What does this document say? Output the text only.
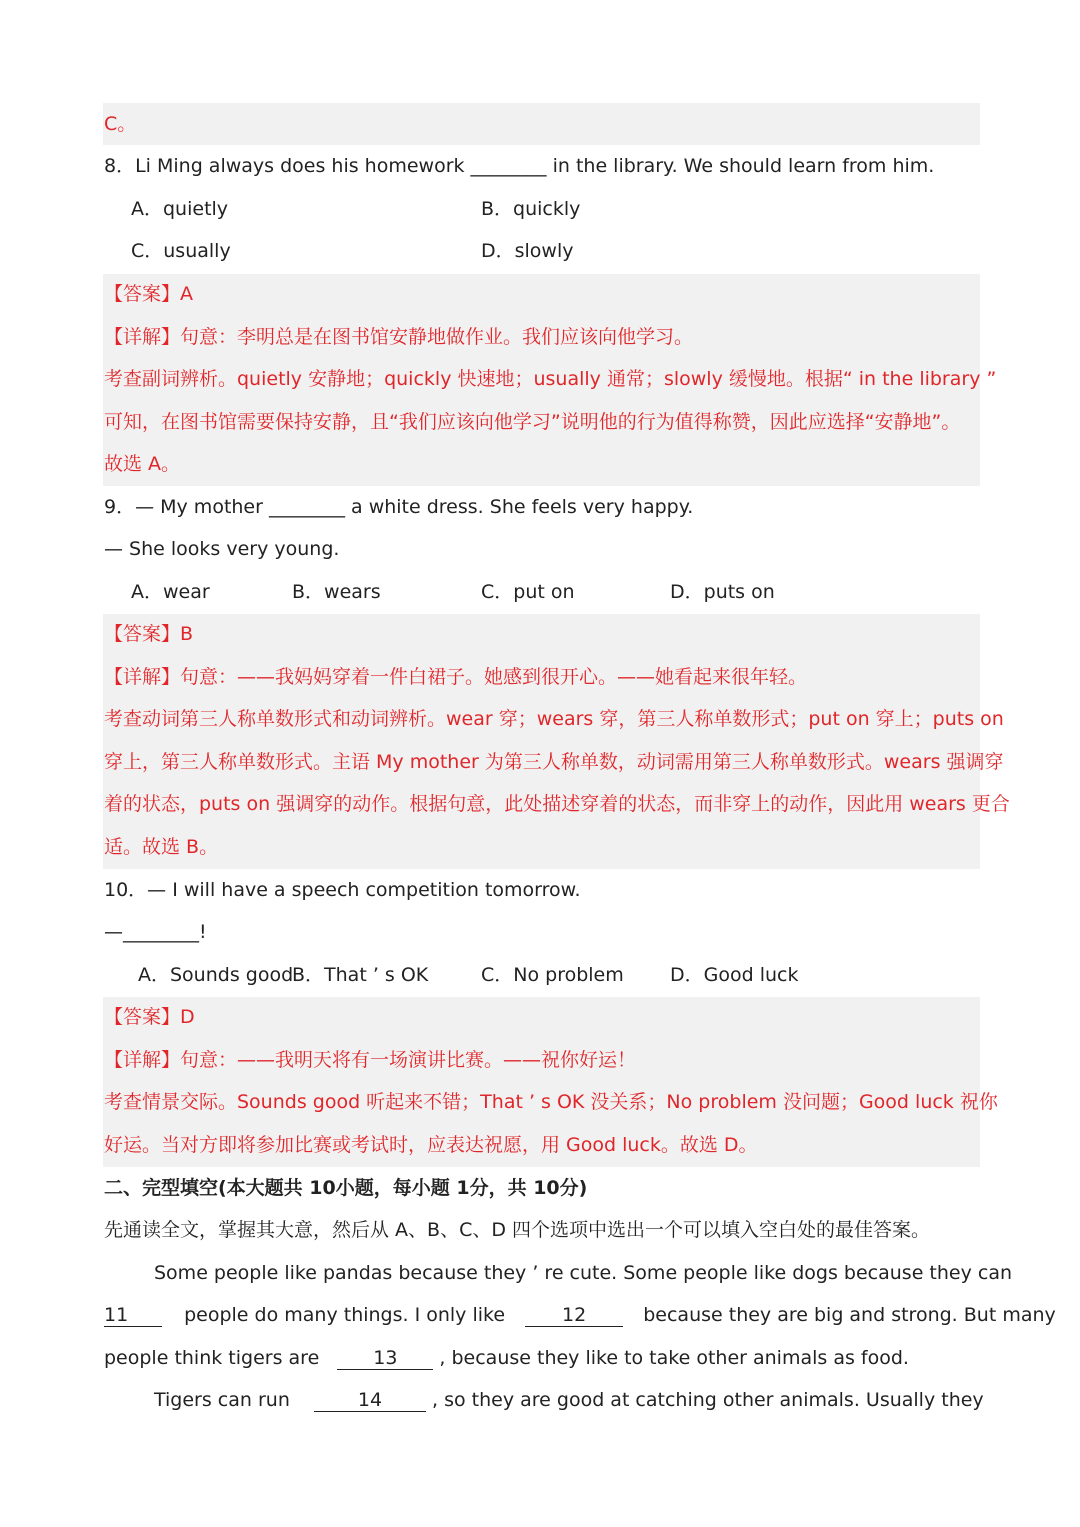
C。
8．Li Ming always does his homework ________ in the library. We should learn from him.
A．quietly	B．quickly
C．usually	D．slowly
【答案】A
【详解】句意：李明总是在图书馆安静地做作业。我们应该向他学习。
考查副词辨析。quietly 安静地；quickly 快速地；usually 通常；slowly 缓慢地。根据“ in the library ”
可知，在图书馆需要保持安静，且“我们应该向他学习”说明他的行为值得称赞，因此应选择“安静地”。
故选 A。
9．— My mother ________ a white dress. She feels very happy.
— She looks very young.
A．wear	B．wears	C．put on	D．puts on
【答案】B
【详解】句意：——我妈妈穿着一件白裙子。她感到很开心。——她看起来很年轻。
考查动词第三人称单数形式和动词辨析。wear 穿；wears 穿，第三人称单数形式；put on 穿上；puts on
穿上，第三人称单数形式。主语 My mother 为第三人称单数，动词需用第三人称单数形式。wears 强调穿
着的状态，puts on 强调穿的动作。根据句意，此处描述穿着的状态，而非穿上的动作，因此用 wears 更合
适。故选 B。
10．— I will have a speech competition tomorrow.
—________!
A．Sounds good
B．That ’ s OK	C．No problem D．Good luck
【答案】D
【详解】句意：——我明天将有一场演讲比赛。——祝你好运！
考查情景交际。Sounds good 听起来不错；That ’ s OK 没关系；No problem 没问题；Good luck 祝你
好运。当对方即将参加比赛或考试时，应表达祝愿，用 Good luck。故选 D。
二、完型填空(本大题共 10小题，每小题 1分，共 10分)
先通读全文，掌握其大意，然后从 A、B、C、D 四个选项中选出一个可以填入空白处的最佳答案。
Some people like pandas because they ’ re cute. Some people like dogs because they can
11	people do many things. I only like	12	because they are big and strong. But many
people think tigers are	13 , because they like to take other animals as food.
Tigers can run	14	, so they are good at catching other animals. Usually they
